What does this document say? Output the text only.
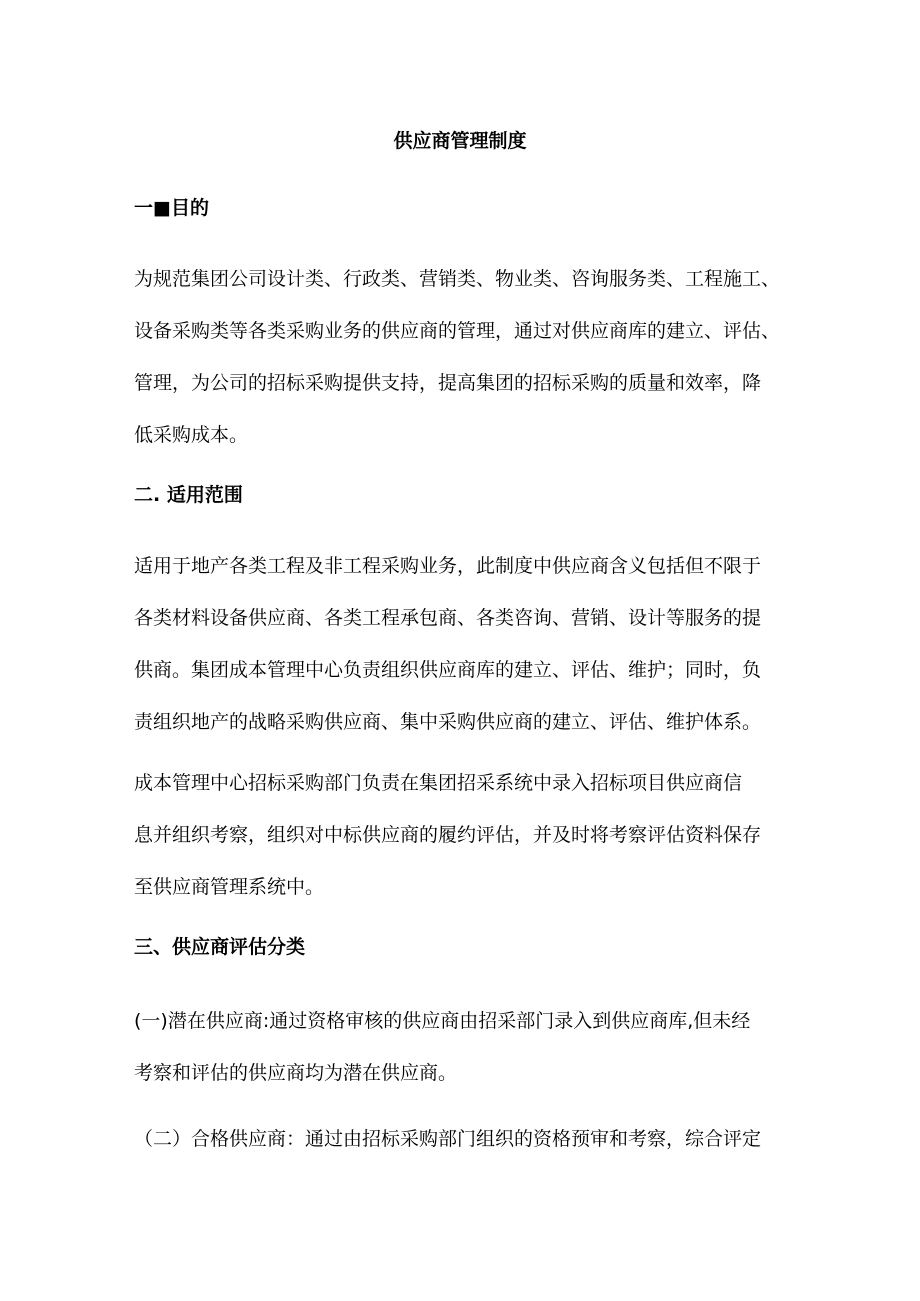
供应商管理制度
一■目的
为规范集团公司设计类、行政类、营销类、物业类、咨询服务类、工程施工、
设备采购类等各类采购业务的供应商的管理，通过对供应商库的建立、评估、
管理，为公司的招标采购提供支持，提高集团的招标采购的质量和效率，降
低采购成本。
二. 适用范围
适用于地产各类工程及非工程采购业务，此制度中供应商含义包括但不限于
各类材料设备供应商、各类工程承包商、各类咨询、营销、设计等服务的提
供商。集团成本管理中心负责组织供应商库的建立、评估、维护；同时，负
责组织地产的战略采购供应商、集中采购供应商的建立、评估、维护体系。
成本管理中心招标采购部门负责在集团招采系统中录入招标项目供应商信
息并组织考察，组织对中标供应商的履约评估，并及时将考察评估资料保存
至供应商管理系统中。
三、供应商评估分类
(一)潜在供应商:通过资格审核的供应商由招采部门录入到供应商库,但未经
考察和评估的供应商均为潜在供应商。
（二）合格供应商：通过由招标采购部门组织的资格预审和考察，综合评定
